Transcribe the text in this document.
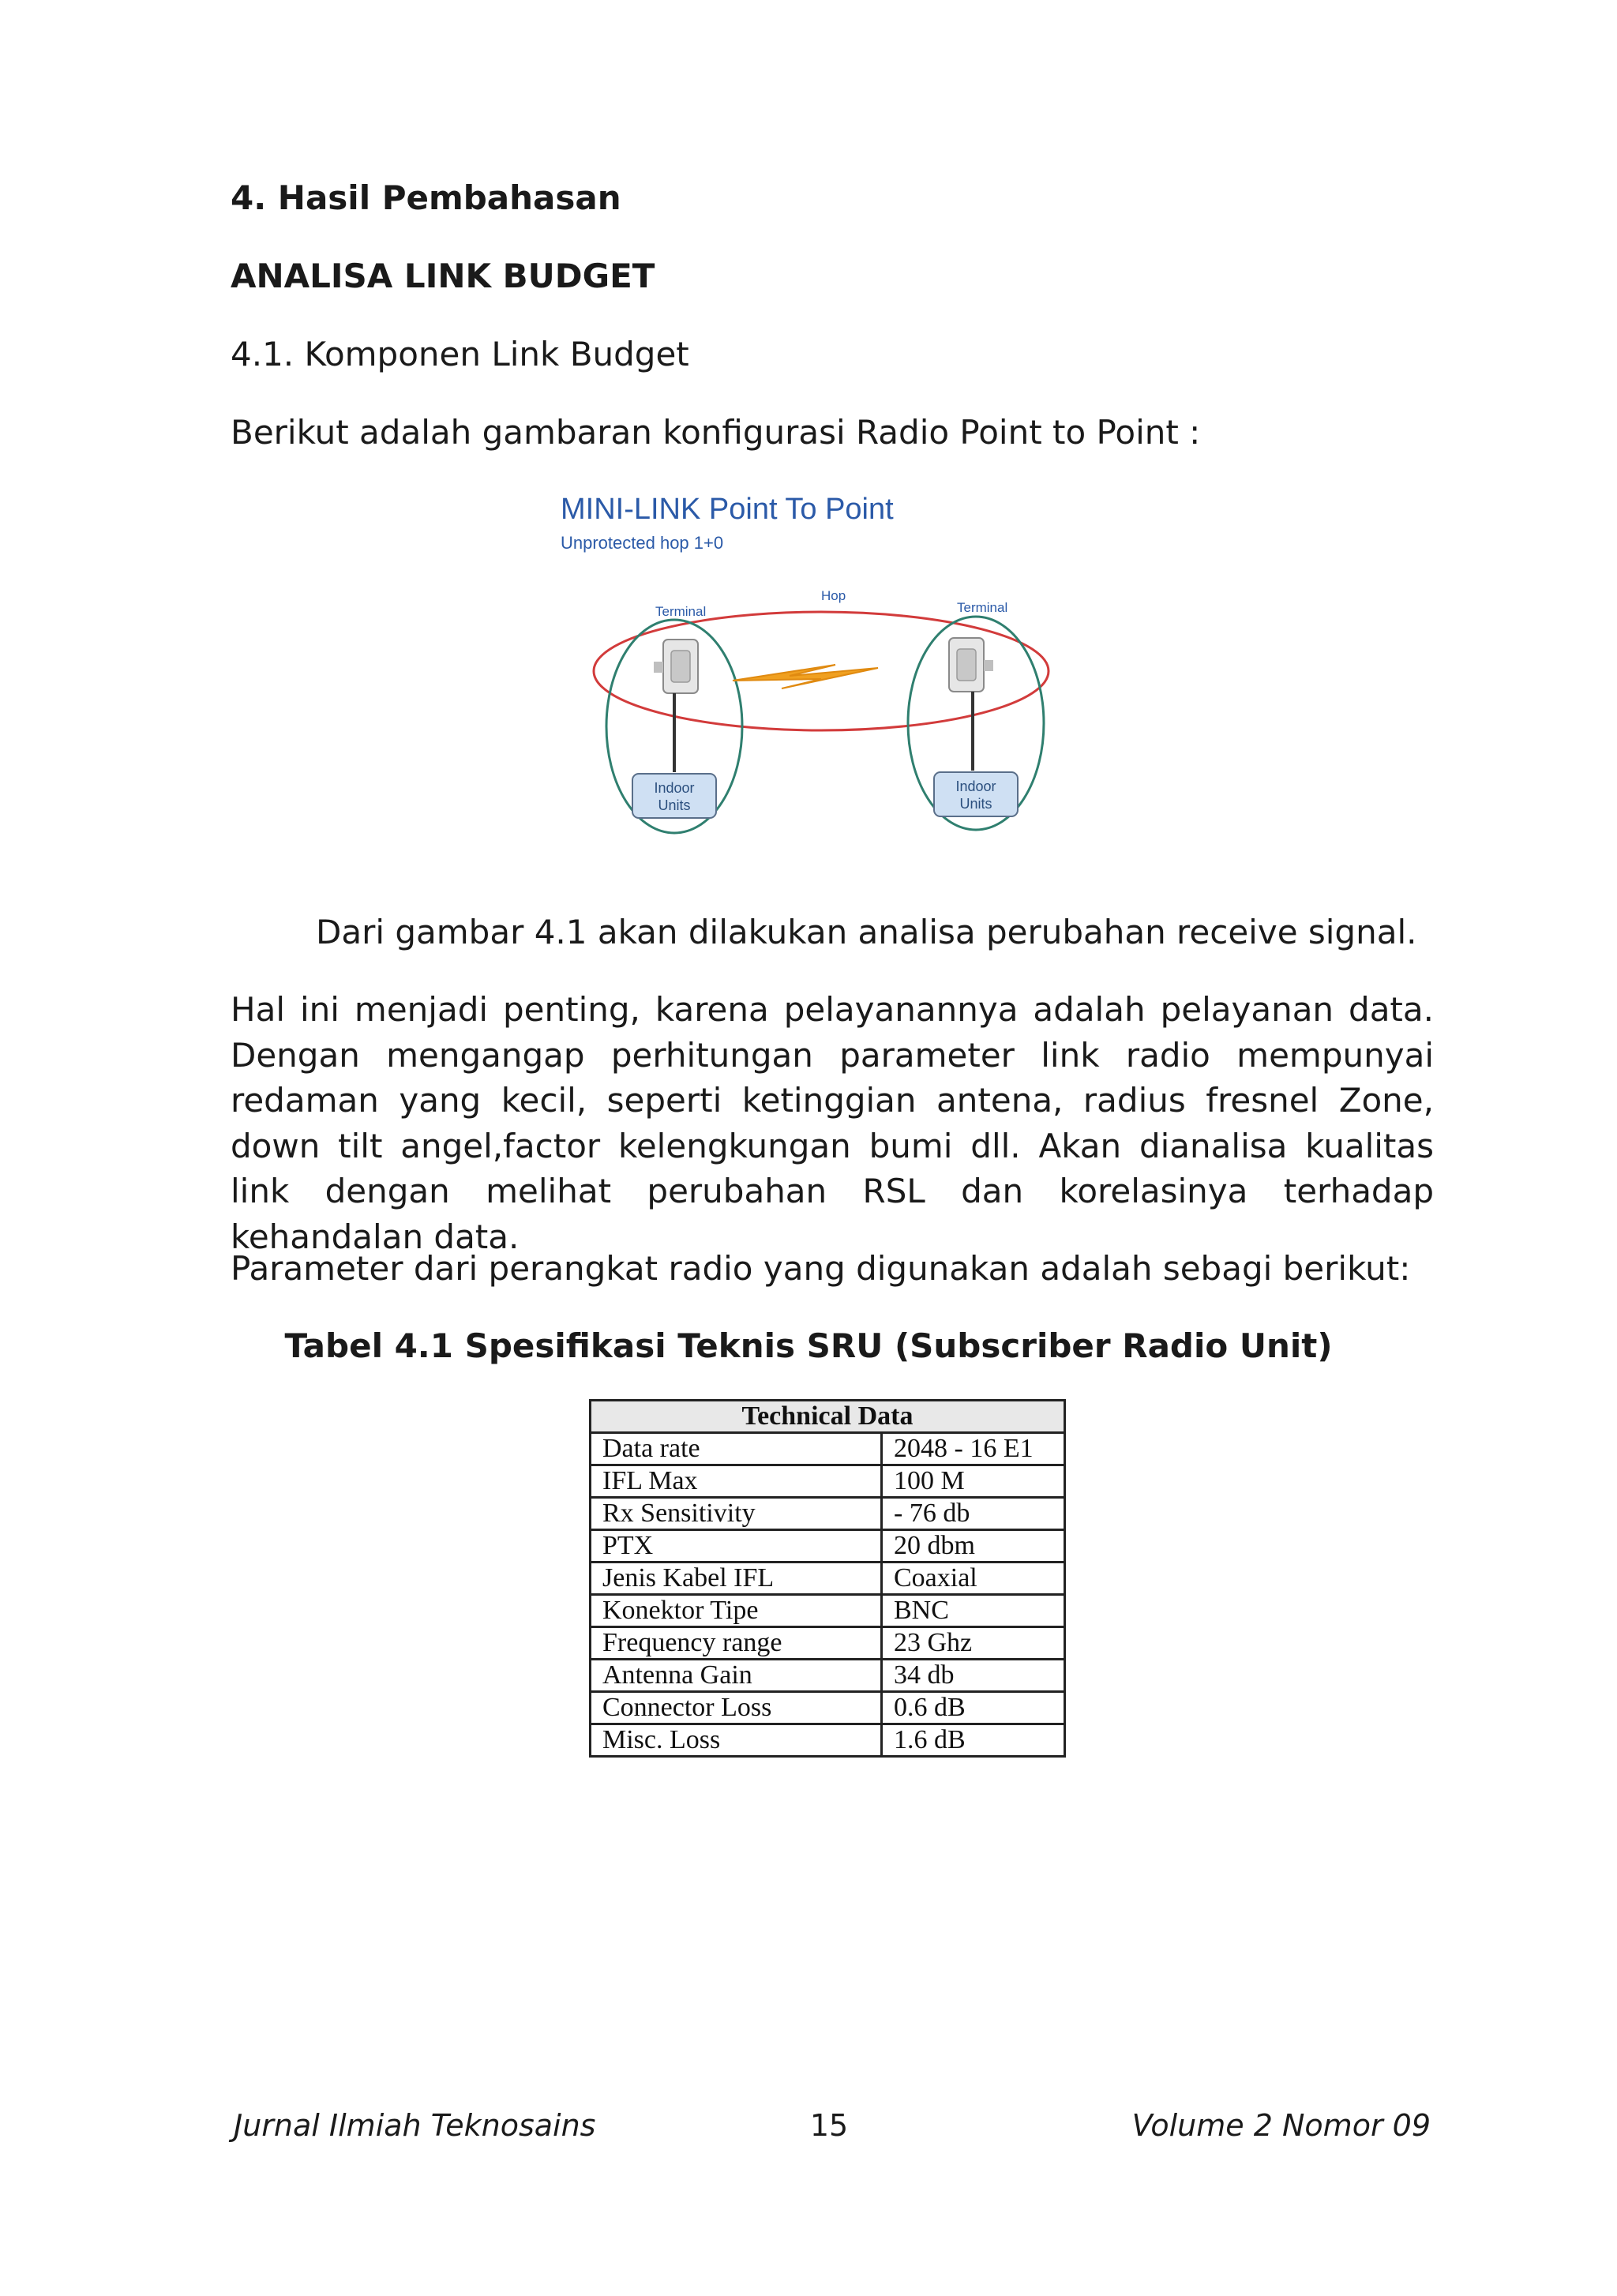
4. Hasil Pembahasan
ANALISA LINK BUDGET
4.1. Komponen Link Budget
Berikut adalah gambaran konfigurasi Radio Point to Point :
MINI-LINK Point To Point
Unprotected hop 1+0
Terminal
Hop
Terminal
Indoor
Units
Indoor
Units
Dari gambar 4.1 akan dilakukan analisa perubahan receive signal.
Hal ini menjadi penting, karena pelayanannya adalah pelayanan data. Dengan mengangap perhitungan parameter link radio mempunyai redaman yang kecil, seperti ketinggian antena, radius fresnel Zone, down tilt angel,factor kelengkungan bumi dll. Akan dianalisa kualitas link dengan melihat perubahan RSL dan korelasinya terhadap kehandalan data.
Parameter dari perangkat radio yang digunakan adalah sebagi berikut:
Tabel 4.1 Spesifikasi Teknis SRU (Subscriber Radio Unit)
Technical Data	
Data rate	2048 - 16 E1
IFL Max	100 M
Rx Sensitivity	- 76 db
PTX	20 dbm
Jenis Kabel IFL	Coaxial
Konektor Tipe	BNC
Frequency range	23 Ghz
Antenna Gain	34 db
Connector Loss	0.6 dB
Misc. Loss	1.6 dB
Jurnal Ilmiah Teknosains	15	Volume 2 Nomor 09
